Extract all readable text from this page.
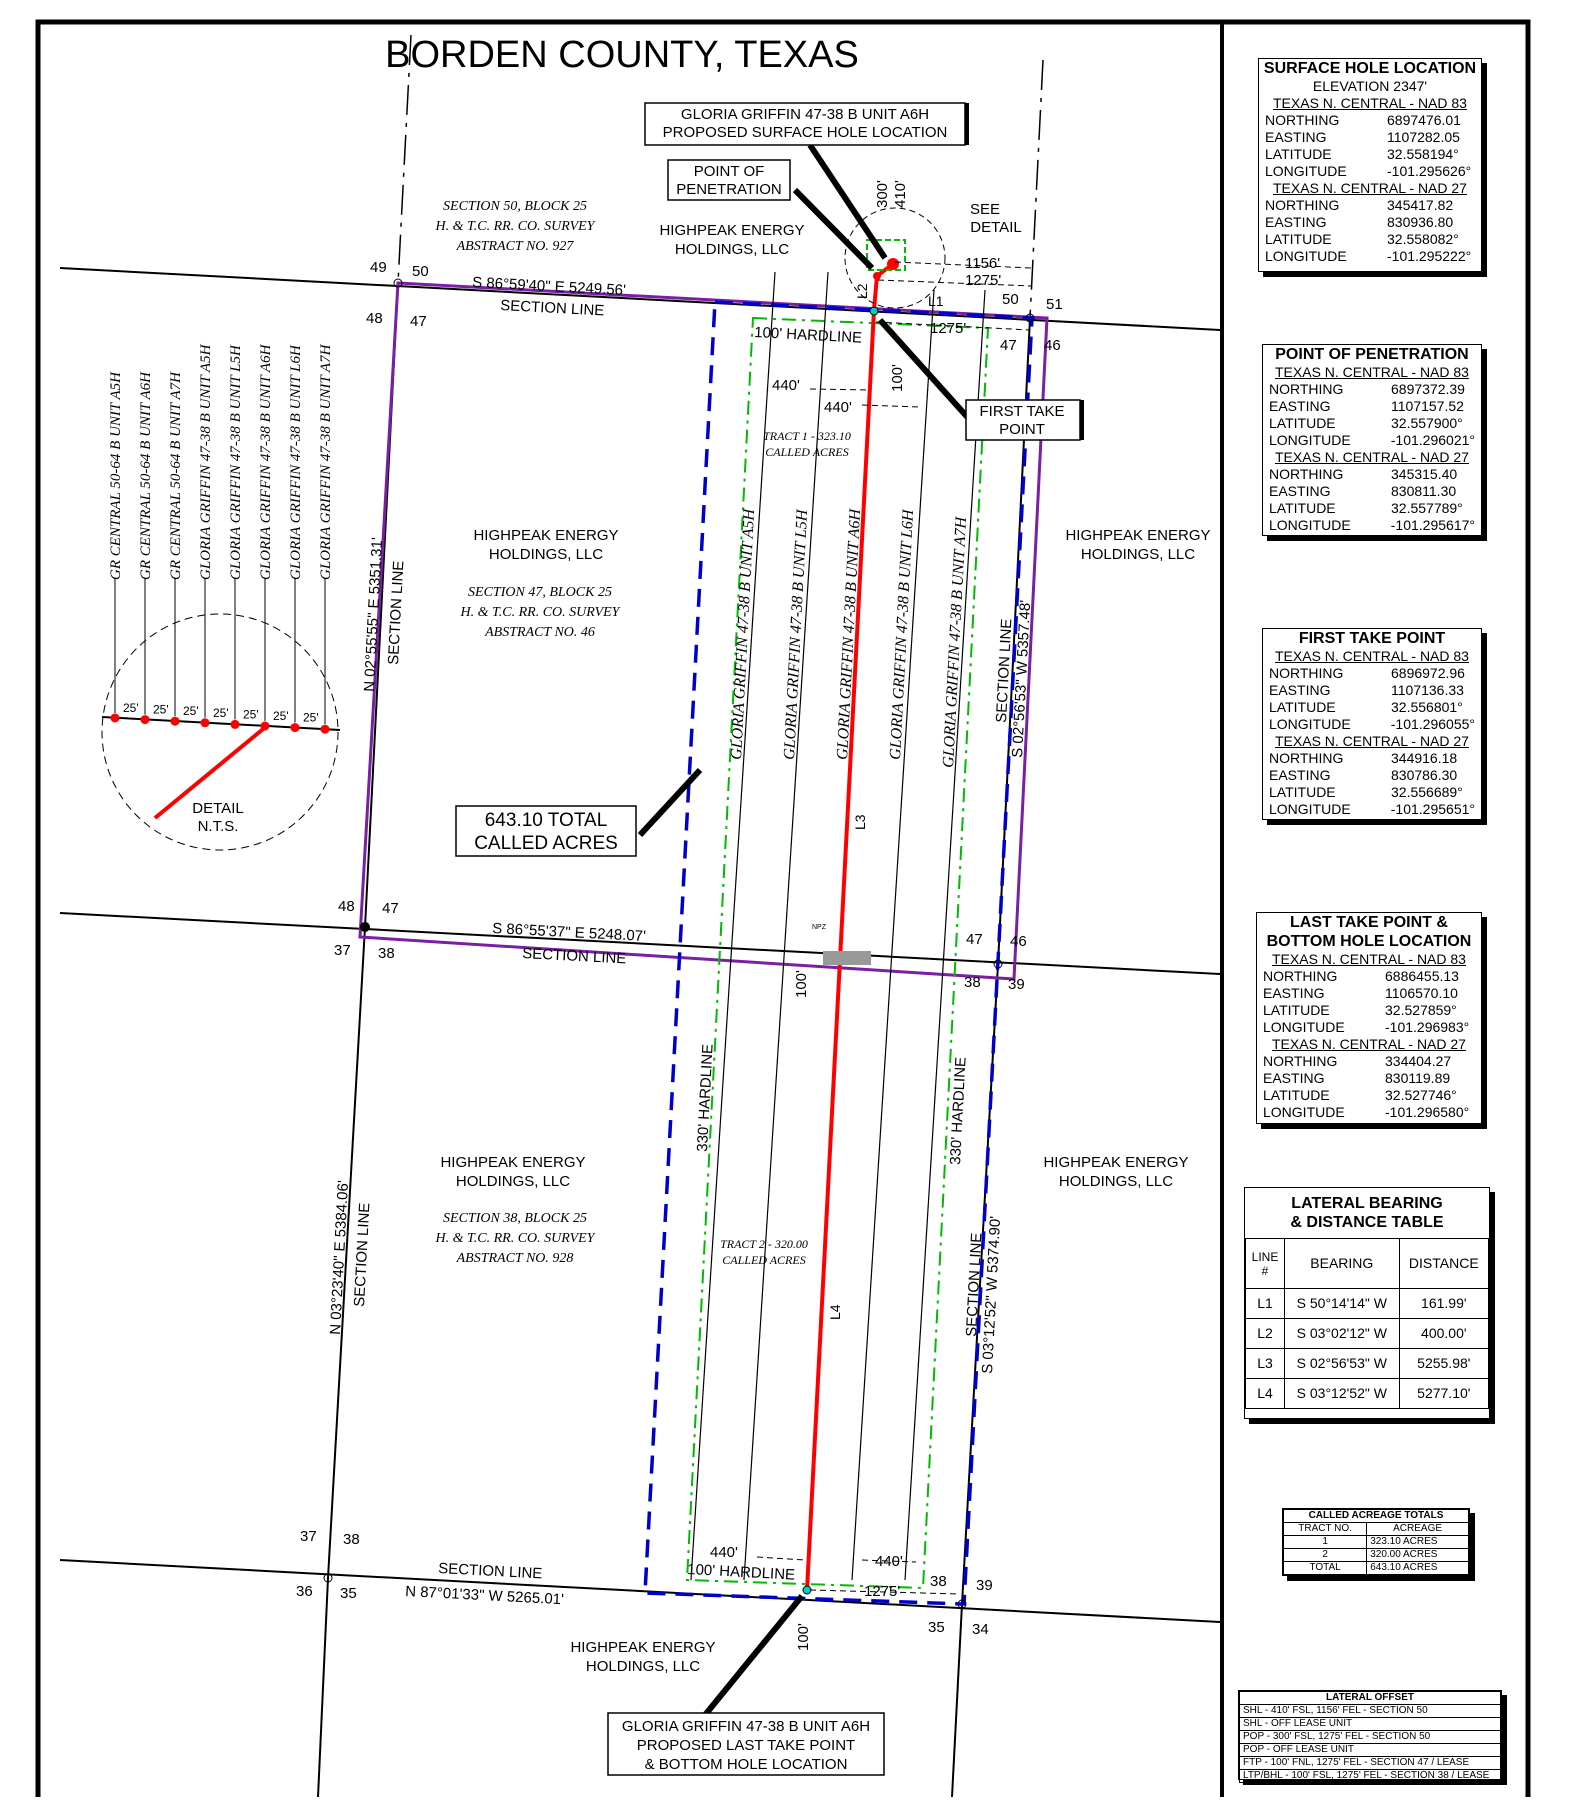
BORDEN COUNTY, TEXAS
NPZ
DETAIL
N.T.S.
GR CENTRAL 50-64 B UNIT A5H
25'
GR CENTRAL 50-64 B UNIT A6H
25'
GR CENTRAL 50-64 B UNIT A7H
25'
GLORIA GRIFFIN 47-38 B UNIT A5H
25'
GLORIA GRIFFIN 47-38 B UNIT L5H
25'
GLORIA GRIFFIN 47-38 B UNIT A6H
25'
GLORIA GRIFFIN 47-38 B UNIT L6H
25'
GLORIA GRIFFIN 47-38 B UNIT A7H
GLORIA GRIFFIN 47-38 B UNIT A6H
PROPOSED SURFACE HOLE LOCATION
POINT OF
PENETRATION
FIRST TAKE
POINT
643.10 TOTAL
CALLED ACRES
GLORIA GRIFFIN 47-38 B UNIT A6H
PROPOSED LAST TAKE POINT
& BOTTOM HOLE LOCATION
SEE
DETAIL
HIGHPEAK ENERGY
HOLDINGS, LLC
HIGHPEAK ENERGY
HOLDINGS, LLC
HIGHPEAK ENERGY
HOLDINGS, LLC
HIGHPEAK ENERGY
HOLDINGS, LLC
HIGHPEAK ENERGY
HOLDINGS, LLC
HIGHPEAK ENERGY
HOLDINGS, LLC
SECTION 50, BLOCK 25
H. & T.C. RR. CO. SURVEY
ABSTRACT NO. 927
SECTION 47, BLOCK 25
H. & T.C. RR. CO. SURVEY
ABSTRACT NO. 46
SECTION 38, BLOCK 25
H. & T.C. RR. CO. SURVEY
ABSTRACT NO. 928
TRACT 1 - 323.10
CALLED ACRES
TRACT 2 - 320.00
CALLED ACRES
S 86°59'40" E 5249.56'
SECTION LINE
S 86°55'37" E 5248.07'
SECTION LINE
SECTION LINE
N 87°01'33" W 5265.01'
N 02°55'55" E 5351.31'
SECTION LINE
N 03°23'40" E 5384.06'
SECTION LINE
S 02°56'53" W 5357.48'
SECTION LINE
S 03°12'52" W 5374.90'
SECTION LINE
100' HARDLINE
100' HARDLINE
330' HARDLINE	330' HARDLINE
GLORIA GRIFFIN 47-38 B UNIT A5H GLORIA GRIFFIN 47-38 B UNIT L5H GLORIA GRIFFIN 47-38 B UNIT A6H GLORIA GRIFFIN 47-38 B UNIT L6H GLORIA GRIFFIN 47-38 B UNIT A7H
300' 410'
1156'
1275'
1275'
440'
440'
100'
100'
440'
440'
1275'
100'
L2
L1
L3
L4
49 50
48 47
50 51
47 46
48 47
37 38
47 46
38 39
37 38
36 35
38 39
35 34
SURFACE HOLE LOCATION
ELEVATION 2347'
TEXAS N. CENTRAL - NAD 83
NORTHING	6897476.01
EASTING	1107282.05
LATITUDE	32.558194°
LONGITUDE	-101.295626°
TEXAS N. CENTRAL - NAD 27
NORTHING	345417.82
EASTING	830936.80
LATITUDE	32.558082°
LONGITUDE	-101.295222°
POINT OF PENETRATION
TEXAS N. CENTRAL - NAD 83
NORTHING	6897372.39
EASTING	1107157.52
LATITUDE	32.557900°
LONGITUDE	-101.296021°
TEXAS N. CENTRAL - NAD 27
NORTHING	345315.40
EASTING	830811.30
LATITUDE	32.557789°
LONGITUDE	-101.295617°
FIRST TAKE POINT
TEXAS N. CENTRAL - NAD 83
NORTHING	6896972.96
EASTING	1107136.33
LATITUDE	32.556801°
LONGITUDE	-101.296055°
TEXAS N. CENTRAL - NAD 27
NORTHING	344916.18
EASTING	830786.30
LATITUDE	32.556689°
LONGITUDE	-101.295651°
LAST TAKE POINT &
BOTTOM HOLE LOCATION
TEXAS N. CENTRAL - NAD 83
NORTHING	6886455.13
EASTING	1106570.10
LATITUDE	32.527859°
LONGITUDE	-101.296983°
TEXAS N. CENTRAL - NAD 27
NORTHING	334404.27
EASTING	830119.89
LATITUDE	32.527746°
LONGITUDE	-101.296580°
LATERAL BEARING
& DISTANCE TABLE
LINE
#	BEARING	DISTANCE
L1	S 50°14'14" W	161.99'
L2	S 03°02'12" W	400.00'
L3	S 02°56'53" W	5255.98'
L4	S 03°12'52" W	5277.10'
CALLED ACREAGE TOTALS	
TRACT NO.	ACREAGE
1	323.10 ACRES
2	320.00 ACRES
TOTAL	643.10 ACRES
LATERAL OFFSET
SHL - 410' FSL, 1156' FEL - SECTION 50
SHL - OFF LEASE UNIT
POP - 300' FSL, 1275' FEL - SECTION 50
POP - OFF LEASE UNIT
FTP - 100' FNL, 1275' FEL - SECTION 47 / LEASE
LTP/BHL - 100' FSL, 1275' FEL - SECTION 38 / LEASE
